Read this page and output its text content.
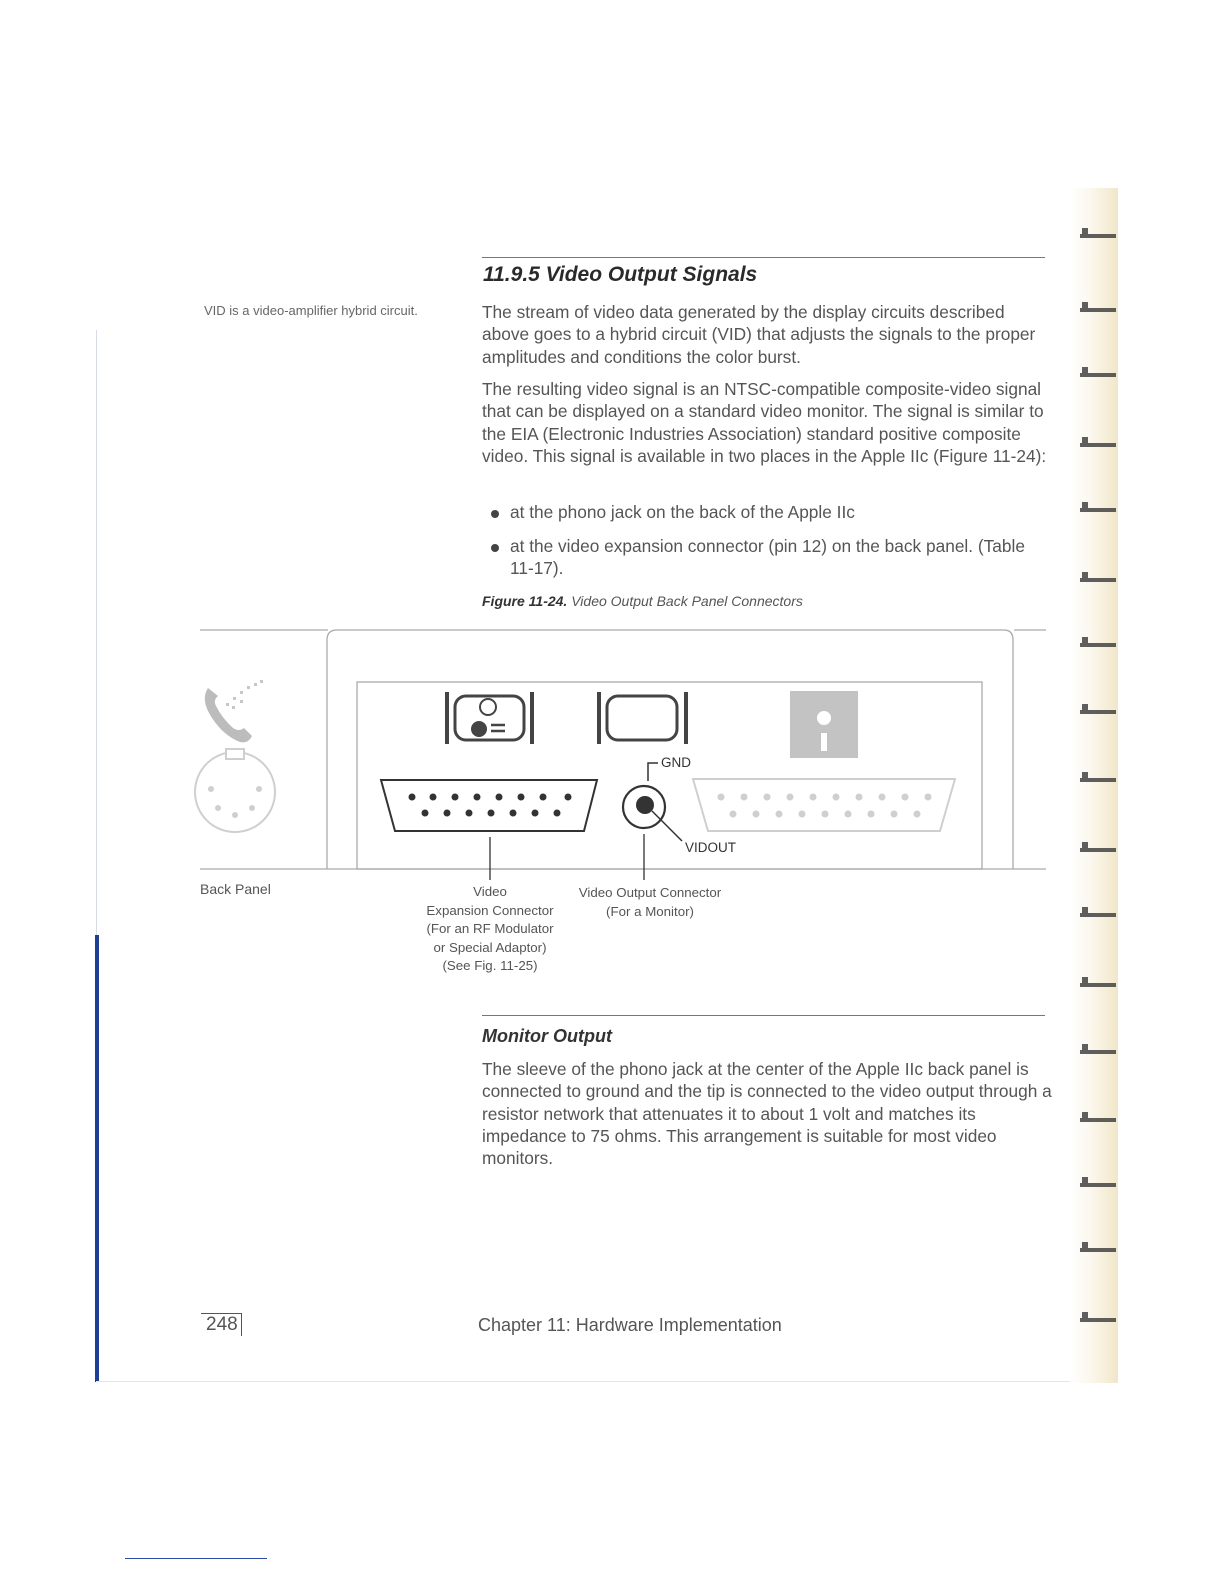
11.9.5 Video Output Signals
VID is a video-amplifier hybrid circuit.	The stream of video data generated by the display circuits described above goes to a hybrid circuit (VID) that adjusts the signals to the proper amplitudes and conditions the color burst.
The resulting video signal is an NTSC-compatible composite-video signal that can be displayed on a standard video monitor. The signal is similar to the EIA (Electronic Industries Association) standard positive composite video. This signal is available in two places in the Apple IIc (Figure 11-24):
at the phono jack on the back of the Apple IIc
at the video expansion connector (pin 12) on the back panel. (Table 11-17).
Figure 11-24. Video Output Back Panel Connectors
GND
VIDOUT
Back Panel	Video
Expansion Connector
(For an RF Modulator
or Special Adaptor)
(See Fig. 11-25)
Video Output Connector
(For a Monitor)
Monitor Output
The sleeve of the phono jack at the center of the Apple IIc back panel is connected to ground and the tip is connected to the video output through a resistor network that attenuates it to about 1 volt and matches its impedance to 75 ohms. This arrangement is suitable for most video monitors.
248	Chapter 11: Hardware Implementation
